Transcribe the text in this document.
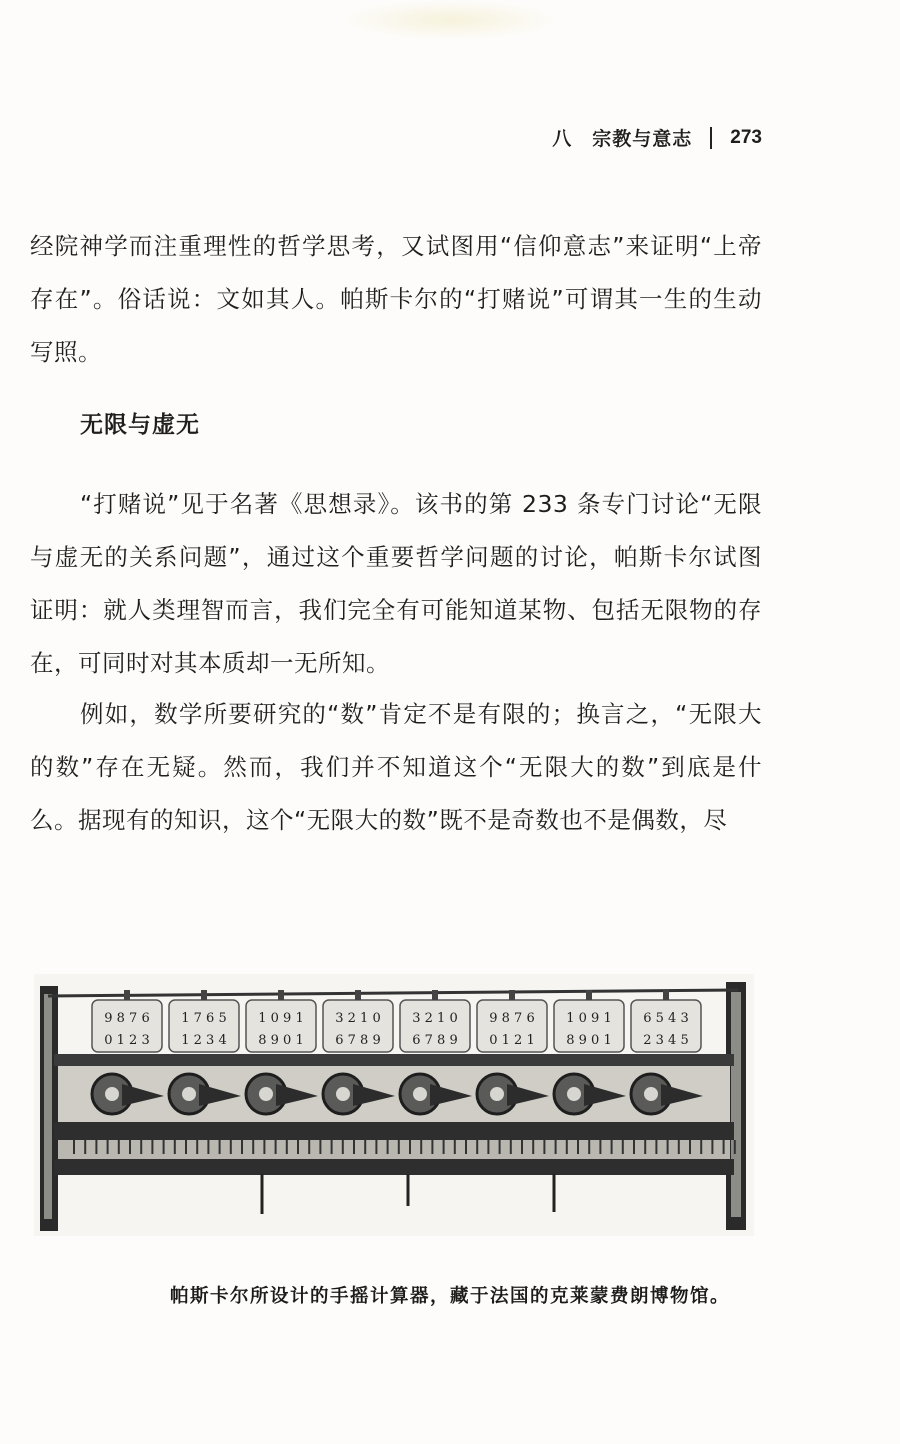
八　宗教与意志 273

经院神学而注重理性的哲学思考，又试图用“信仰意志”来证明“上帝存在”。俗话说：文如其人。帕斯卡尔的“打赌说”可谓其一生的生动写照。

无限与虚无

“打赌说”见于名著《思想录》。该书的第 233 条专门讨论“无限与虚无的关系问题”，通过这个重要哲学问题的讨论，帕斯卡尔试图证明：就人类理智而言，我们完全有可能知道某物、包括无限物的存在，可同时对其本质却一无所知。

例如，数学所要研究的“数”肯定不是有限的；换言之，“无限大的数”存在无疑。然而，我们并不知道这个“无限大的数”到底是什么。据现有的知识，这个“无限大的数”既不是奇数也不是偶数，尽

9 8 7 6
0 1 2 3
1 7 6 5
1 2 3 4
1 0 9 1
8 9 0 1
3 2 1 0
6 7 8 9
3 2 1 0
6 7 8 9
9 8 7 6
0 1 2 1
1 0 9 1
8 9 0 1
6 5 4 3
2 3 4 5
帕斯卡尔所设计的手摇计算器，藏于法国的克莱蒙费朗博物馆。
